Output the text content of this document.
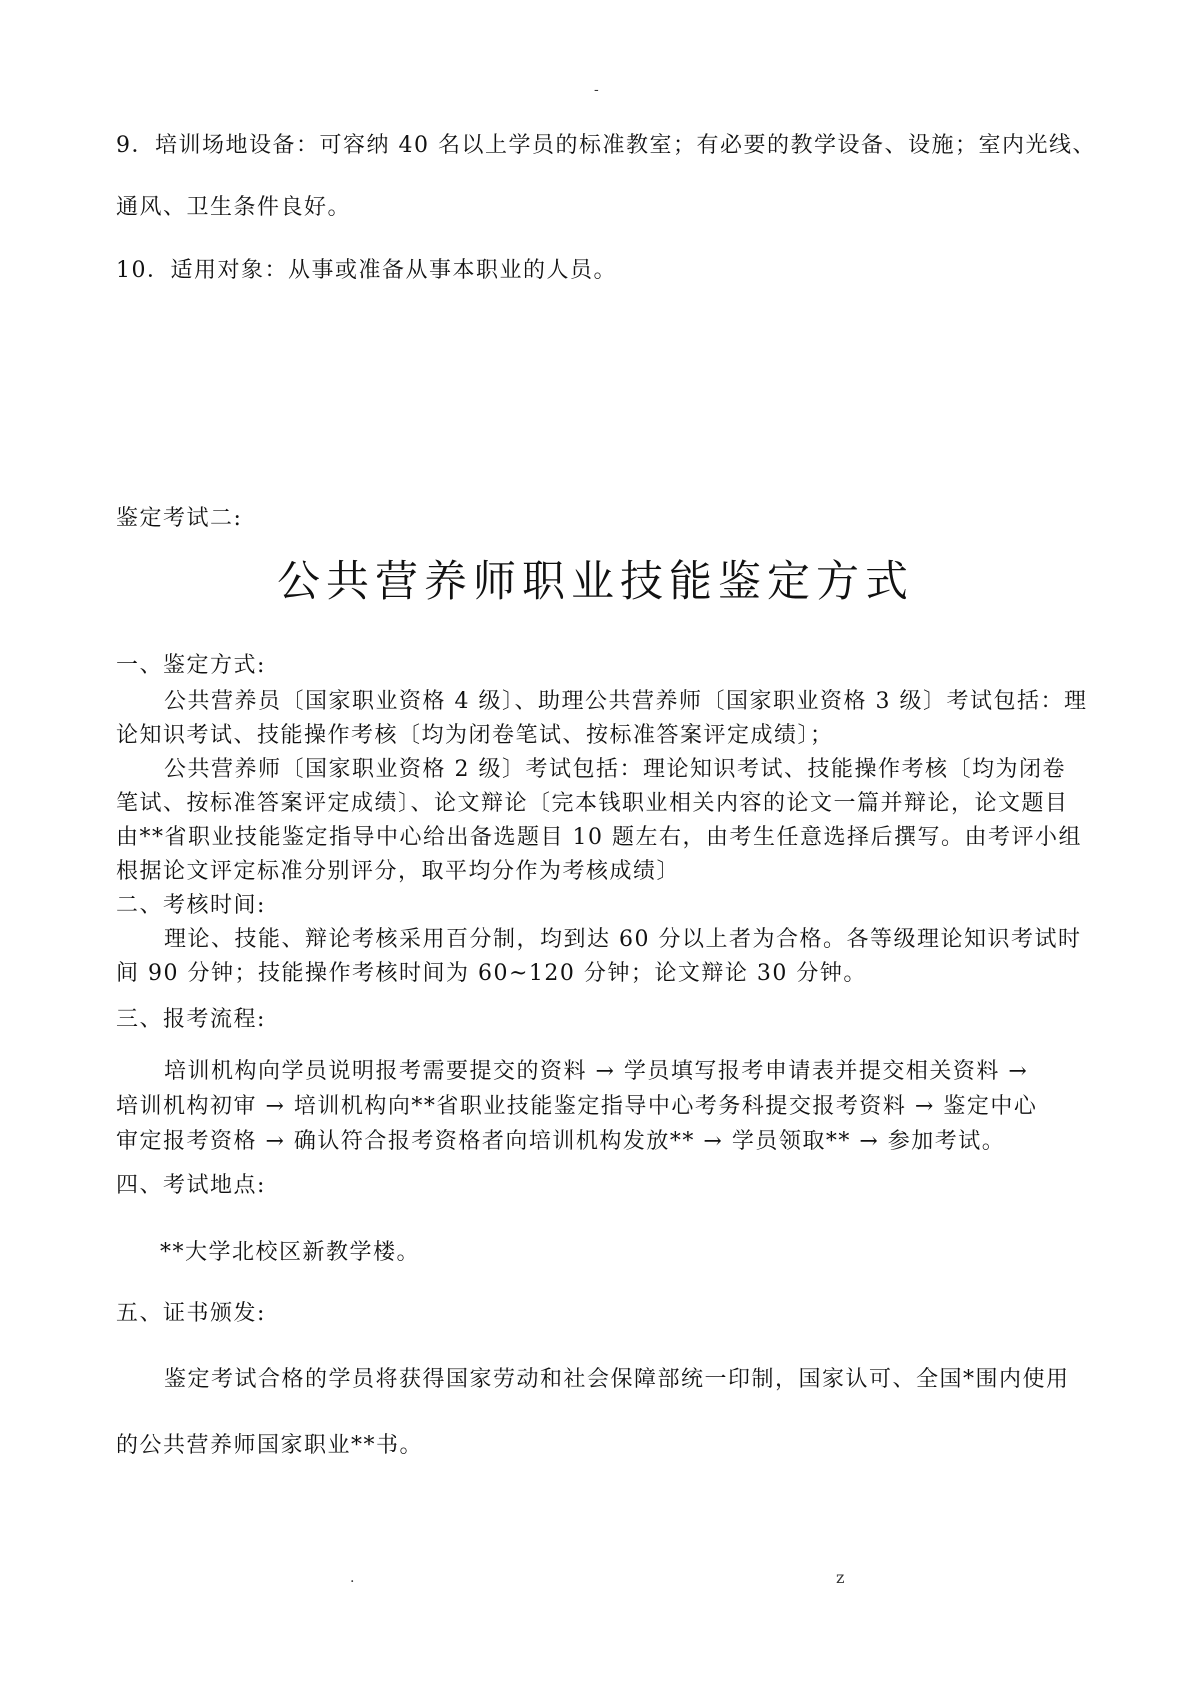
-
9．培训场地设备：可容纳 40 名以上学员的标准教室；有必要的教学设备、设施；室内光线、
通风、卫生条件良好。
10．适用对象：从事或准备从事本职业的人员。
鉴定考试二:
公共营养师职业技能鉴定方式
一、鉴定方式:
公共营养员〔国家职业资格 4 级〕、助理公共营养师〔国家职业资格 3 级〕考试包括：理
论知识考试、技能操作考核〔均为闭卷笔试、按标准答案评定成绩〕；
公共营养师〔国家职业资格 2 级〕考试包括：理论知识考试、技能操作考核〔均为闭卷
笔试、按标准答案评定成绩〕、论文辩论〔完本钱职业相关内容的论文一篇并辩论，论文题目
由**省职业技能鉴定指导中心给出备选题目 10 题左右，由考生任意选择后撰写。由考评小组
根据论文评定标准分别评分，取平均分作为考核成绩〕
二、考核时间:
理论、技能、辩论考核采用百分制，均到达 60 分以上者为合格。各等级理论知识考试时
间 90 分钟；技能操作考核时间为 60~120 分钟；论文辩论 30 分钟。
三、报考流程:
培训机构向学员说明报考需要提交的资料 → 学员填写报考申请表并提交相关资料 →
培训机构初审 → 培训机构向**省职业技能鉴定指导中心考务科提交报考资料 → 鉴定中心
审定报考资格 → 确认符合报考资格者向培训机构发放** → 学员领取** → 参加考试。
四、考试地点:
**大学北校区新教学楼。
五、证书颁发:
鉴定考试合格的学员将获得国家劳动和社会保障部统一印制，国家认可、全国*围内使用
的公共营养师国家职业**书。
.	z
